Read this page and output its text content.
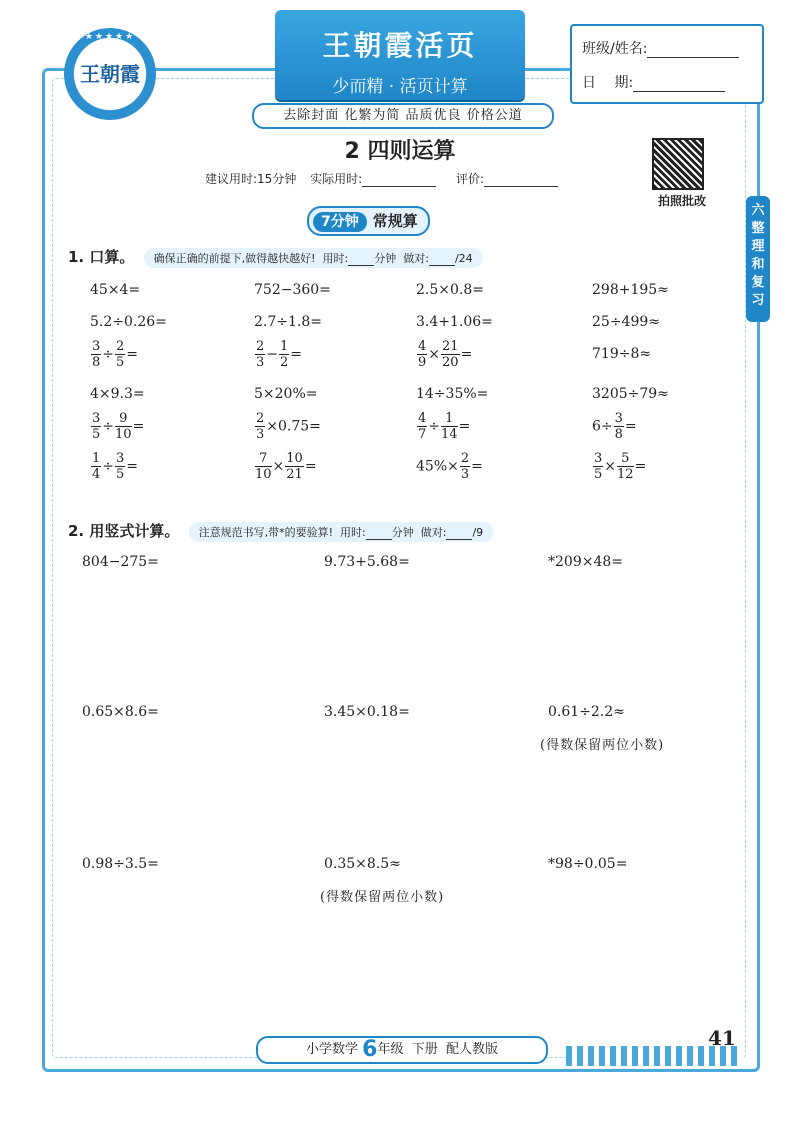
★★★★★
王朝霞
王朝霞活页
少而精 · 活页计算
去除封面 化繁为简 品质优良 价格公道
班级/姓名:
日　 期:
2 四则运算
建议用时:15分钟 实际用时:	评价:
拍照批改
六
整
理
和
复
习
7分钟 常规算
1. 口算。 确保正确的前提下,做得越快越好! 用时: 分钟 做对: /24
45×4=	752−360=	2.5×0.8=	298+195≈
5.2÷0.26=	2.7÷1.8=	3.4+1.06=	25÷499≈
$\frac{3}{8} \div \frac{2}{5}$ =	$\frac{2}{3} - \frac{1}{2}$ =	$\frac{4}{9} \times \frac{21}{20}$ =	719÷8≈
4×9.3=	5×20%=	14÷35%=	3205÷79≈
$\frac{3}{5} \div \frac{9}{10}$ =	$\frac{2}{3} \times 0.75=$	$\frac{4}{7} \div \frac{1}{14}$ =	$6\div \frac{3}{8}$ =
$\frac{1}{4} \div \frac{3}{5}$ =	$\frac{7}{10} \times \frac{10}{21}$ =	$45\%\times \frac{2}{3}$ =	$\frac{3}{5} \times \frac{5}{12}$ =
2. 用竖式计算。 注意规范书写,带*的要验算! 用时: 分钟 做对: /9
804−275=	9.73+5.68=	*209×48=
0.65×8.6=	3.45×0.18=	0.61÷2.2≈
(得数保留两位小数)
0.98÷3.5=	0.35×8.5≈	*98÷0.05=
(得数保留两位小数)
小学数学 6年级 下册 配人教版	41
